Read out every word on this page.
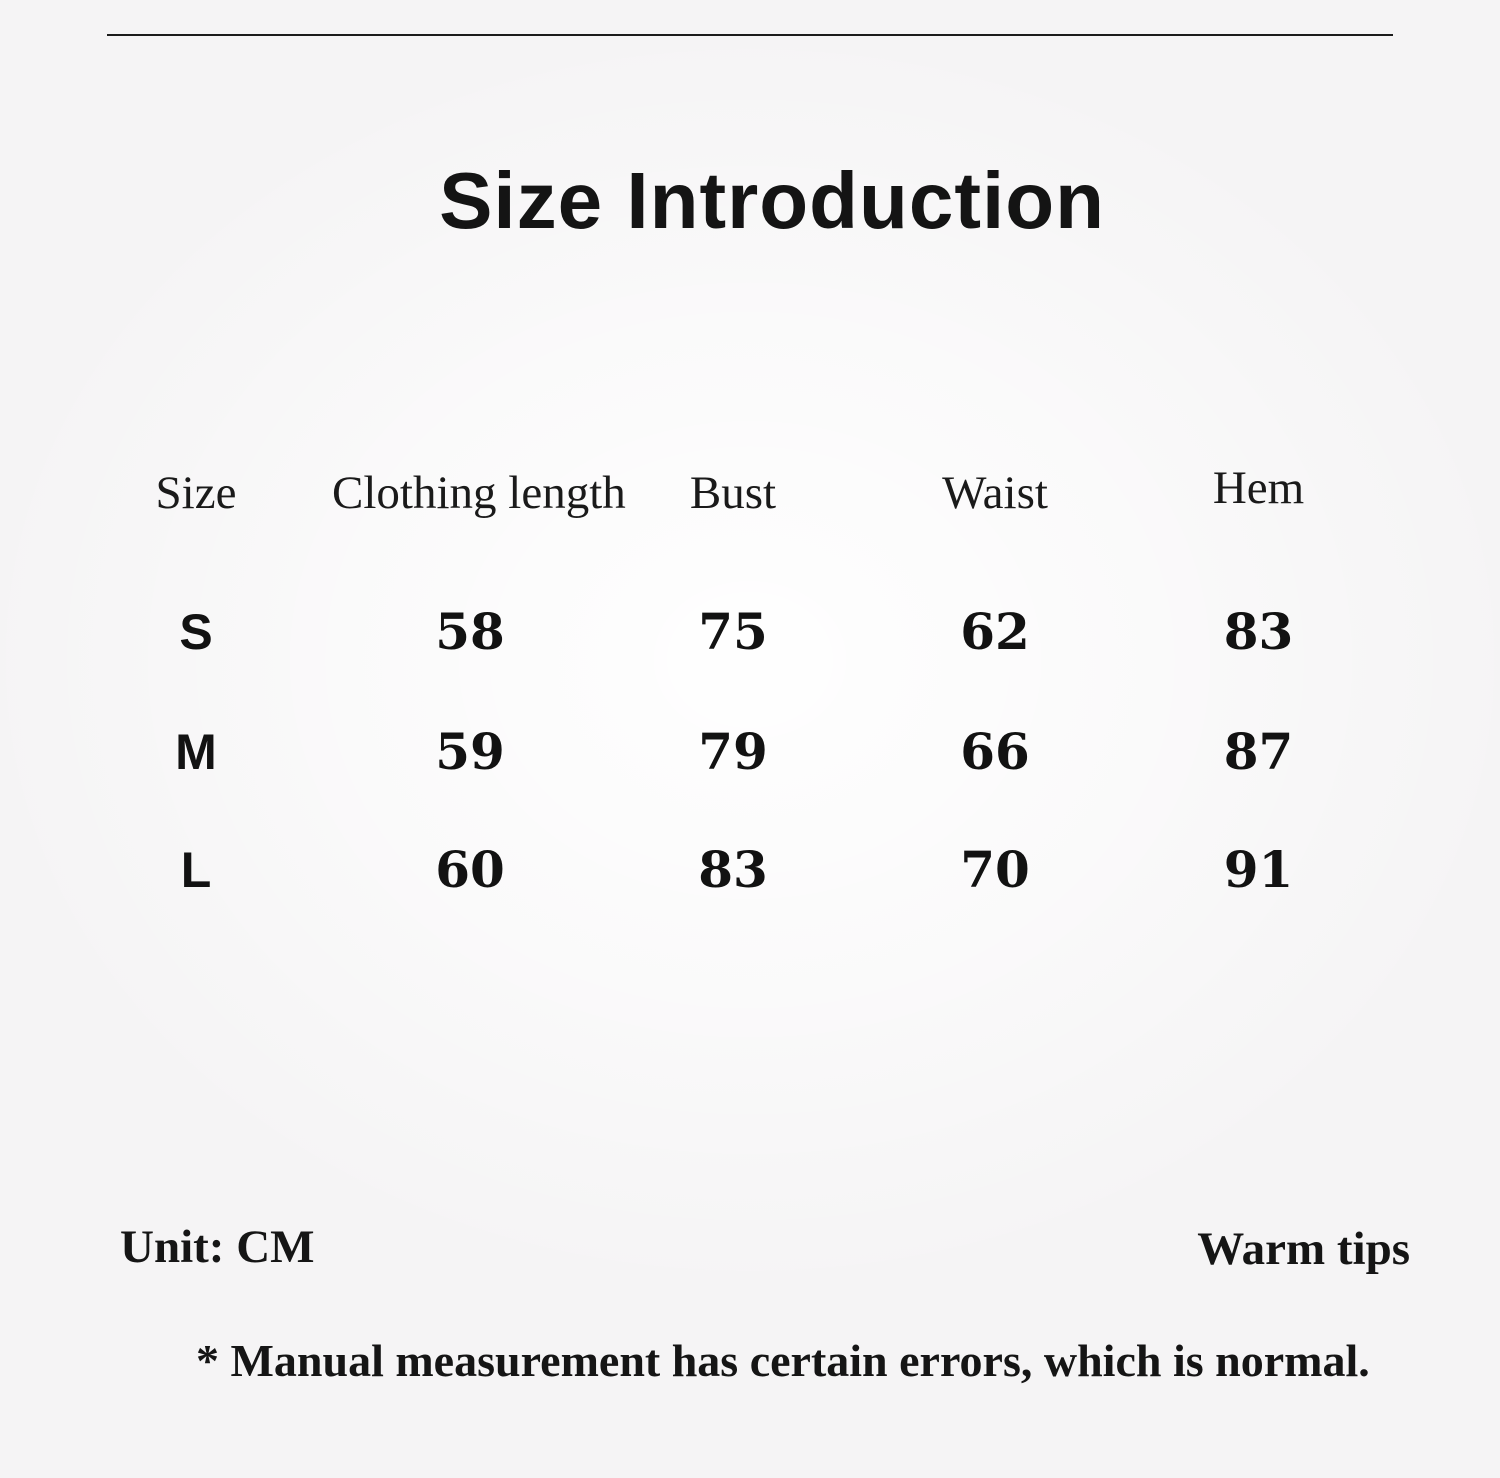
Size Introduction
Size	Clothing length	Bust	Waist	Hem
S	58	75	62	83
M	59	79	66	87
L	60	83	70	91
Unit: CM	Warm tips
* Manual measurement has certain errors, which is normal.
